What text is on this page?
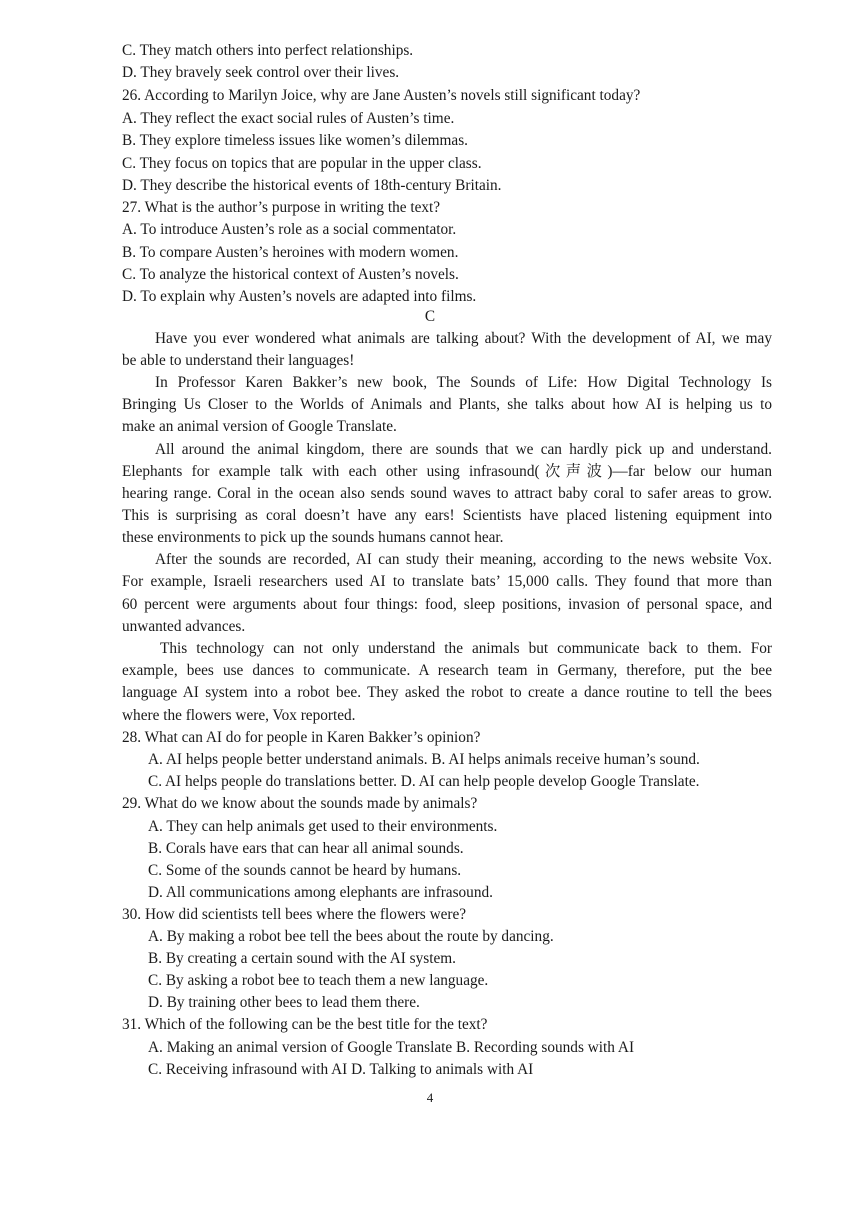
C. They match others into perfect relationships.
D. They bravely seek control over their lives.
26. According to Marilyn Joice, why are Jane Austen’s novels still significant today?
A. They reflect the exact social rules of Austen’s time.
B. They explore timeless issues like women’s dilemmas.
C. They focus on topics that are popular in the upper class.
D. They describe the historical events of 18th-century Britain.
27. What is the author’s purpose in writing the text?
A. To introduce Austen’s role as a social commentator.
B. To compare Austen’s heroines with modern women.
C. To analyze the historical context of Austen’s novels.
D. To explain why Austen’s novels are adapted into films.
C
Have you ever wondered what animals are talking about? With the development of AI, we may
be able to understand their languages!
In Professor Karen Bakker’s new book, The Sounds of Life: How Digital Technology Is
Bringing Us Closer to the Worlds of Animals and Plants, she talks about how AI is helping us to
make an animal version of Google Translate.
All around the animal kingdom, there are sounds that we can hardly pick up and understand.
Elephants for example talk with each other using infrasound(次声波)—far below our human
hearing range. Coral in the ocean also sends sound waves to attract baby coral to safer areas to grow.
This is surprising as coral doesn’t have any ears! Scientists have placed listening equipment into
these environments to pick up the sounds humans cannot hear.
After the sounds are recorded, AI can study their meaning, according to the news website Vox.
For example, Israeli researchers used AI to translate bats’ 15,000 calls. They found that more than
60 percent were arguments about four things: food, sleep positions, invasion of personal space, and
unwanted advances.
This technology can not only understand the animals but communicate back to them. For
example, bees use dances to communicate. A research team in Germany, therefore, put the bee
language AI system into a robot bee. They asked the robot to create a dance routine to tell the bees
where the flowers were, Vox reported.
28. What can AI do for people in Karen Bakker’s opinion?
A. AI helps people better understand animals. B. AI helps animals receive human’s sound.
C. AI helps people do translations better. D. AI can help people develop Google Translate.
29. What do we know about the sounds made by animals?
A. They can help animals get used to their environments.
B. Corals have ears that can hear all animal sounds.
C. Some of the sounds cannot be heard by humans.
D. All communications among elephants are infrasound.
30. How did scientists tell bees where the flowers were?
A. By making a robot bee tell the bees about the route by dancing.
B. By creating a certain sound with the AI system.
C. By asking a robot bee to teach them a new language.
D. By training other bees to lead them there.
31. Which of the following can be the best title for the text?
A. Making an animal version of Google Translate B. Recording sounds with AI
C. Receiving infrasound with AI D. Talking to animals with AI
4
